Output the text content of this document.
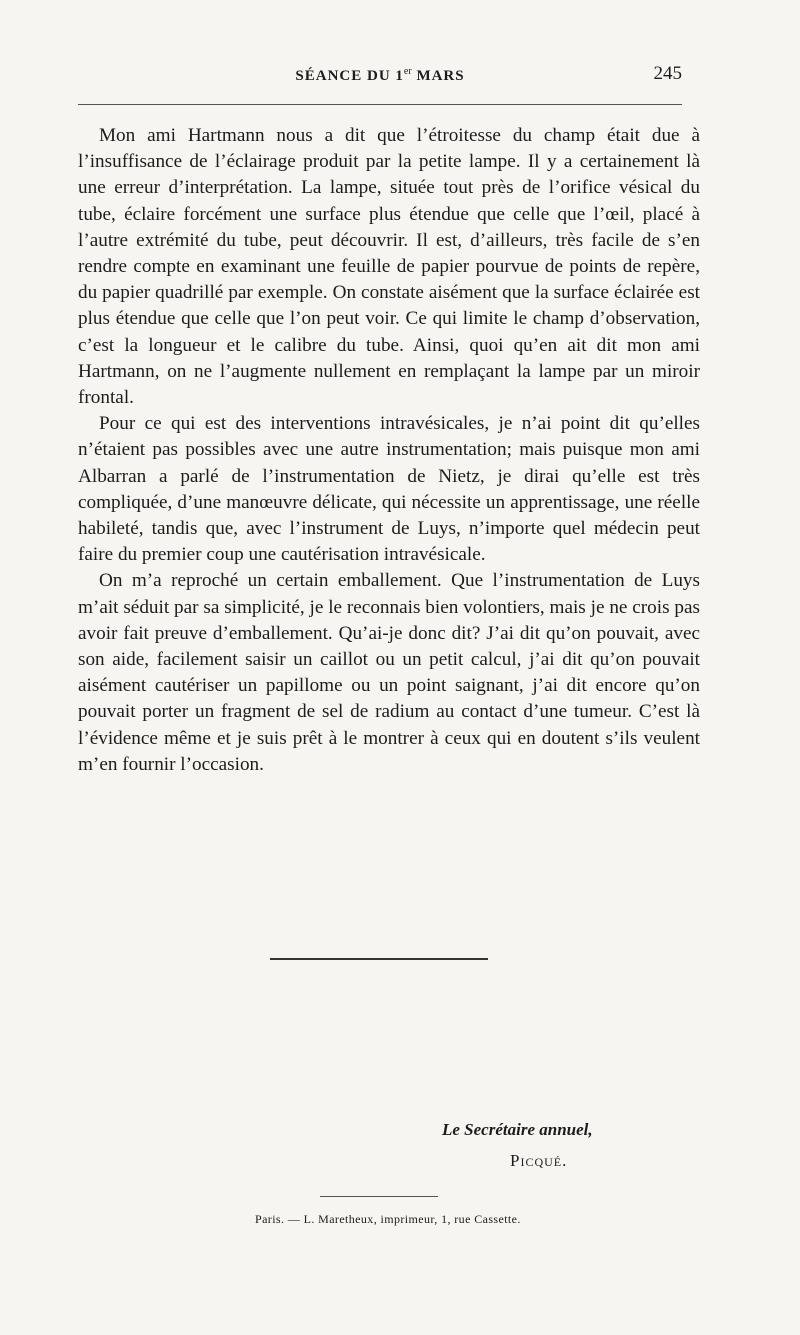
SÉANCE DU 1er MARS	245

Mon ami Hartmann nous a dit que l’étroitesse du champ était due à l’insuffisance de l’éclairage produit par la petite lampe. Il y a certainement là une erreur d’interprétation. La lampe, située tout près de l’orifice vésical du tube, éclaire forcément une surface plus étendue que celle que l’œil, placé à l’autre extrémité du tube, peut découvrir. Il est, d’ailleurs, très facile de s’en rendre compte en examinant une feuille de papier pourvue de points de repère, du papier quadrillé par exemple. On constate aisément que la surface éclairée est plus étendue que celle que l’on peut voir. Ce qui limite le champ d’observation, c’est la longueur et le calibre du tube. Ainsi, quoi qu’en ait dit mon ami Hartmann, on ne l’augmente nullement en remplaçant la lampe par un miroir frontal.

Pour ce qui est des interventions intravésicales, je n’ai point dit qu’elles n’étaient pas possibles avec une autre instrumentation; mais puisque mon ami Albarran a parlé de l’instrumentation de Nietz, je dirai qu’elle est très compliquée, d’une manœuvre délicate, qui nécessite un apprentissage, une réelle habileté, tandis que, avec l’instrument de Luys, n’importe quel médecin peut faire du premier coup une cautérisation intravésicale.

On m’a reproché un certain emballement. Que l’instrumentation de Luys m’ait séduit par sa simplicité, je le reconnais bien volontiers, mais je ne crois pas avoir fait preuve d’emballement. Qu’ai-je donc dit? J’ai dit qu’on pouvait, avec son aide, facilement saisir un caillot ou un petit calcul, j’ai dit qu’on pouvait aisément cautériser un papillome ou un point saignant, j’ai dit encore qu’on pouvait porter un fragment de sel de radium au contact d’une tumeur. C’est là l’évidence même et je suis prêt à le montrer à ceux qui en doutent s’ils veulent m’en fournir l’occasion.

Le Secrétaire annuel,
Picqué.
Paris. — L. Maretheux, imprimeur, 1, rue Cassette.
